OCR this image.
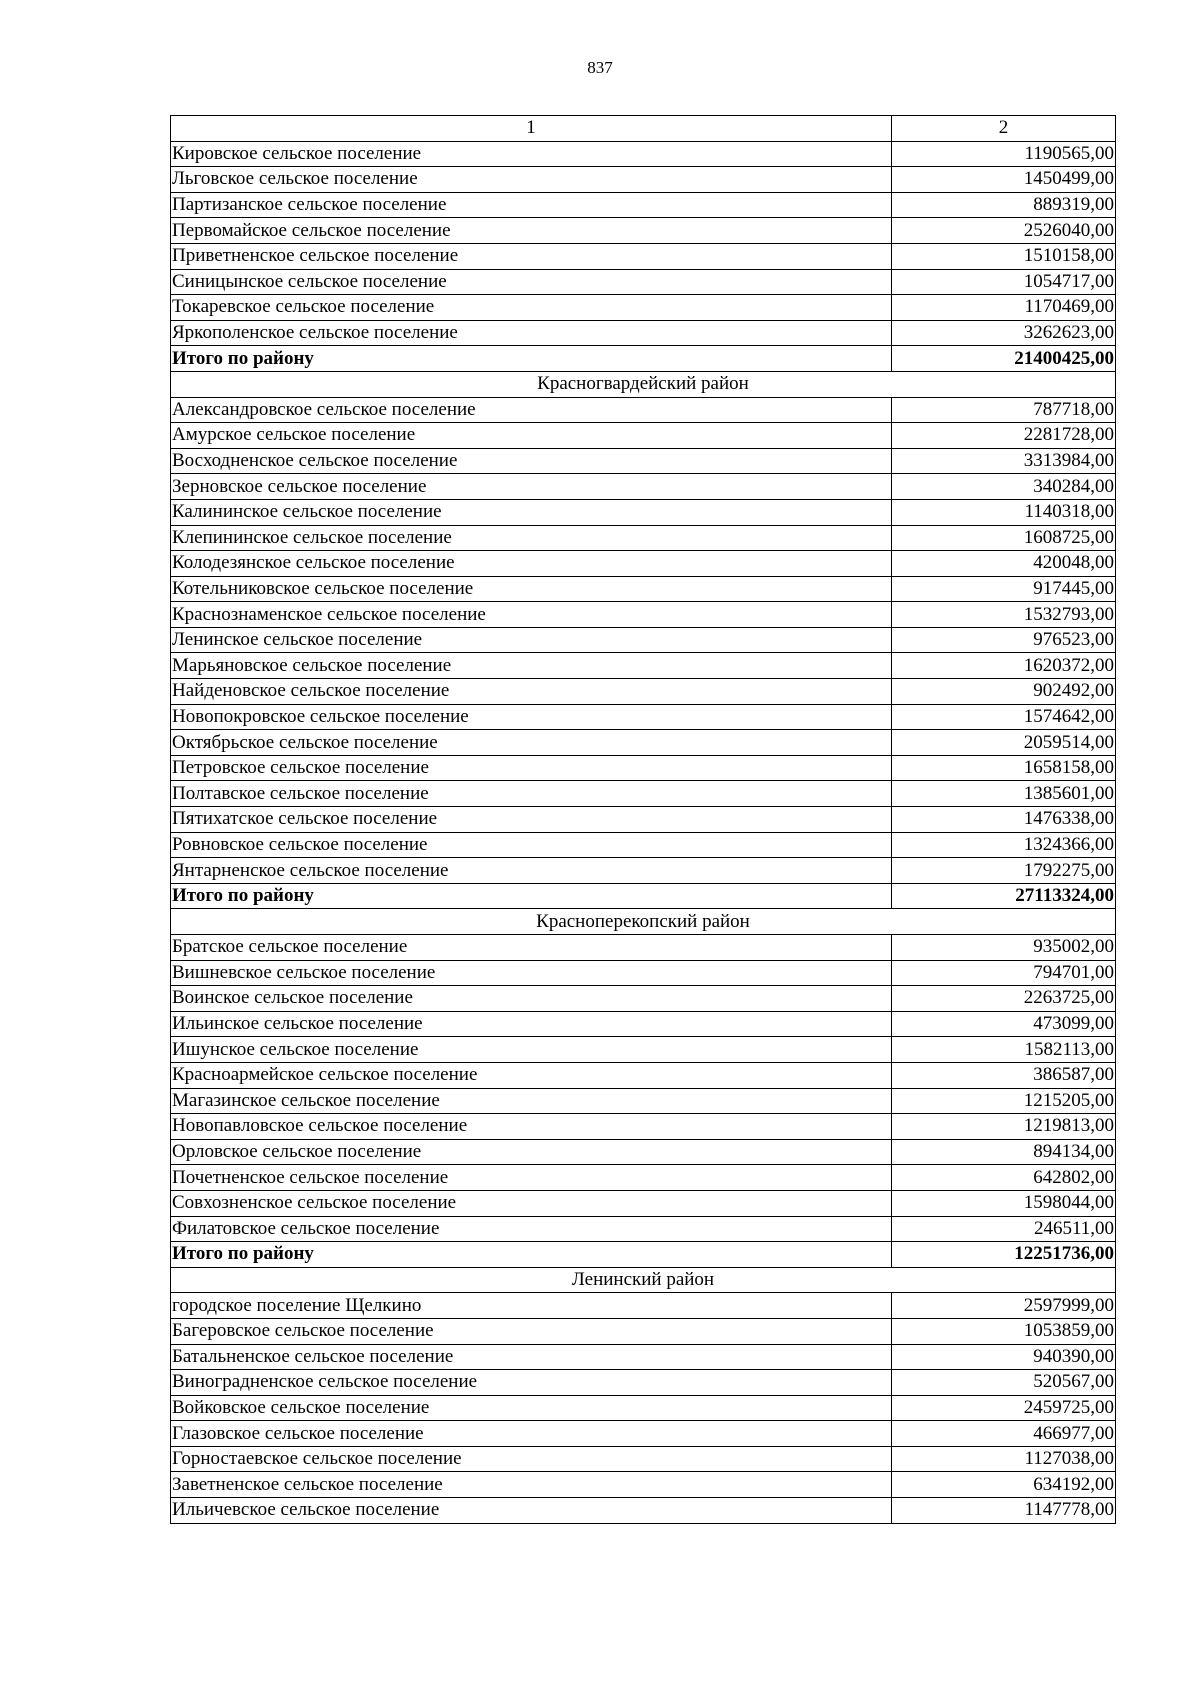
837
1	2
Кировское сельское поселение	1190565,00
Льговское сельское поселение	1450499,00
Партизанское сельское поселение	889319,00
Первомайское сельское поселение	2526040,00
Приветненское сельское поселение	1510158,00
Синицынское сельское поселение	1054717,00
Токаревское сельское поселение	1170469,00
Яркополенское сельское поселение	3262623,00
Итого по району	21400425,00
Красногвардейский район	
Александровское сельское поселение	787718,00
Амурское сельское поселение	2281728,00
Восходненское сельское поселение	3313984,00
Зерновское сельское поселение	340284,00
Калининское сельское поселение	1140318,00
Клепининское сельское поселение	1608725,00
Колодезянское сельское поселение	420048,00
Котельниковское сельское поселение	917445,00
Краснознаменское сельское поселение	1532793,00
Ленинское сельское поселение	976523,00
Марьяновское сельское поселение	1620372,00
Найденовское сельское поселение	902492,00
Новопокровское сельское поселение	1574642,00
Октябрьское сельское поселение	2059514,00
Петровское сельское поселение	1658158,00
Полтавское сельское поселение	1385601,00
Пятихатское сельское поселение	1476338,00
Ровновское сельское поселение	1324366,00
Янтарненское сельское поселение	1792275,00
Итого по району	27113324,00
Красноперекопский район	
Братское сельское поселение	935002,00
Вишневское сельское поселение	794701,00
Воинское сельское поселение	2263725,00
Ильинское сельское поселение	473099,00
Ишунское сельское поселение	1582113,00
Красноармейское сельское поселение	386587,00
Магазинское сельское поселение	1215205,00
Новопавловское сельское поселение	1219813,00
Орловское сельское поселение	894134,00
Почетненское сельское поселение	642802,00
Совхозненское сельское поселение	1598044,00
Филатовское сельское поселение	246511,00
Итого по району	12251736,00
Ленинский район	
городское поселение Щелкино	2597999,00
Багеровское сельское поселение	1053859,00
Батальненское сельское поселение	940390,00
Виноградненское сельское поселение	520567,00
Войковское сельское поселение	2459725,00
Глазовское сельское поселение	466977,00
Горностаевское сельское поселение	1127038,00
Заветненское сельское поселение	634192,00
Ильичевское сельское поселение	1147778,00
